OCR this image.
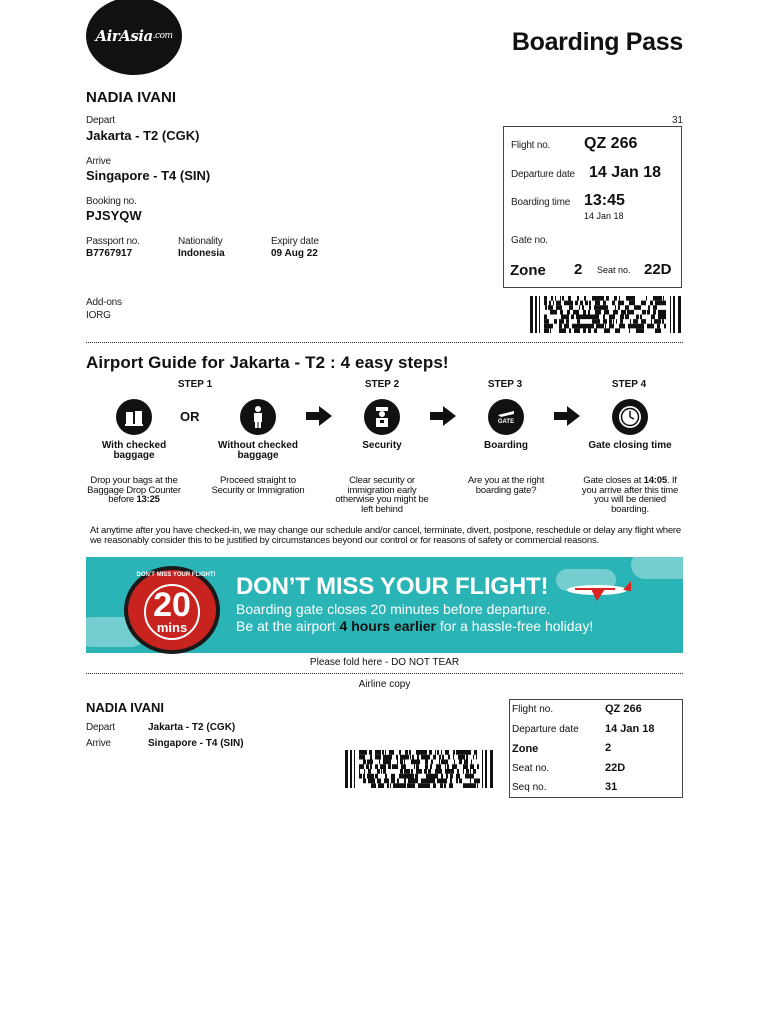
AirAsia .com	Boarding Pass
NADIA IVANI
Depart
Jakarta - T2 (CGK)
Arrive
Singapore - T4 (SIN)
Booking no.
PJSYQW
Passport no.
B7767917
Nationality
Indonesia
Expiry date
09 Aug 22
Add-ons
IORG
31
Flight no. QZ 266
Departure date 14 Jan 18
Boarding time 13:45
14 Jan 18
Gate no.
Zone 2 Seat no. 22D
Airport Guide for Jakarta - T2 : 4 easy steps!
STEP 1	STEP 2	STEP 3	STEP 4
OR	GATE
With checked baggage
Without checked baggage
Security	Boarding	Gate closing time
Drop your bags at the Baggage Drop Counter before 13:25
Proceed straight to Security or Immigration
Clear security or immigration early otherwise you might be left behind
Are you at the right boarding gate?
Gate closes at 14:05. If you arrive after this time you will be denied boarding.
At anytime after you have checked-in, we may change our schedule and/or cancel, terminate, divert, postpone, reschedule or delay any flight where we reasonably consider this to be justified by circumstances beyond our control or for reasons of safety or commercial reasons.
DON'T MISS YOUR FLIGHT!
20
mins
DON’T MISS YOUR FLIGHT!
Boarding gate closes 20 minutes before departure.
Be at the airport 4 hours earlier for a hassle-free holiday!
Please fold here - DO NOT TEAR
Airline copy
NADIA IVANI
Depart	Jakarta - T2 (CGK)
Arrive	Singapore - T4 (SIN)
Flight no.	QZ 266
Departure date 14 Jan 18
Zone	2
Seat no.	22D
Seq no.	31
